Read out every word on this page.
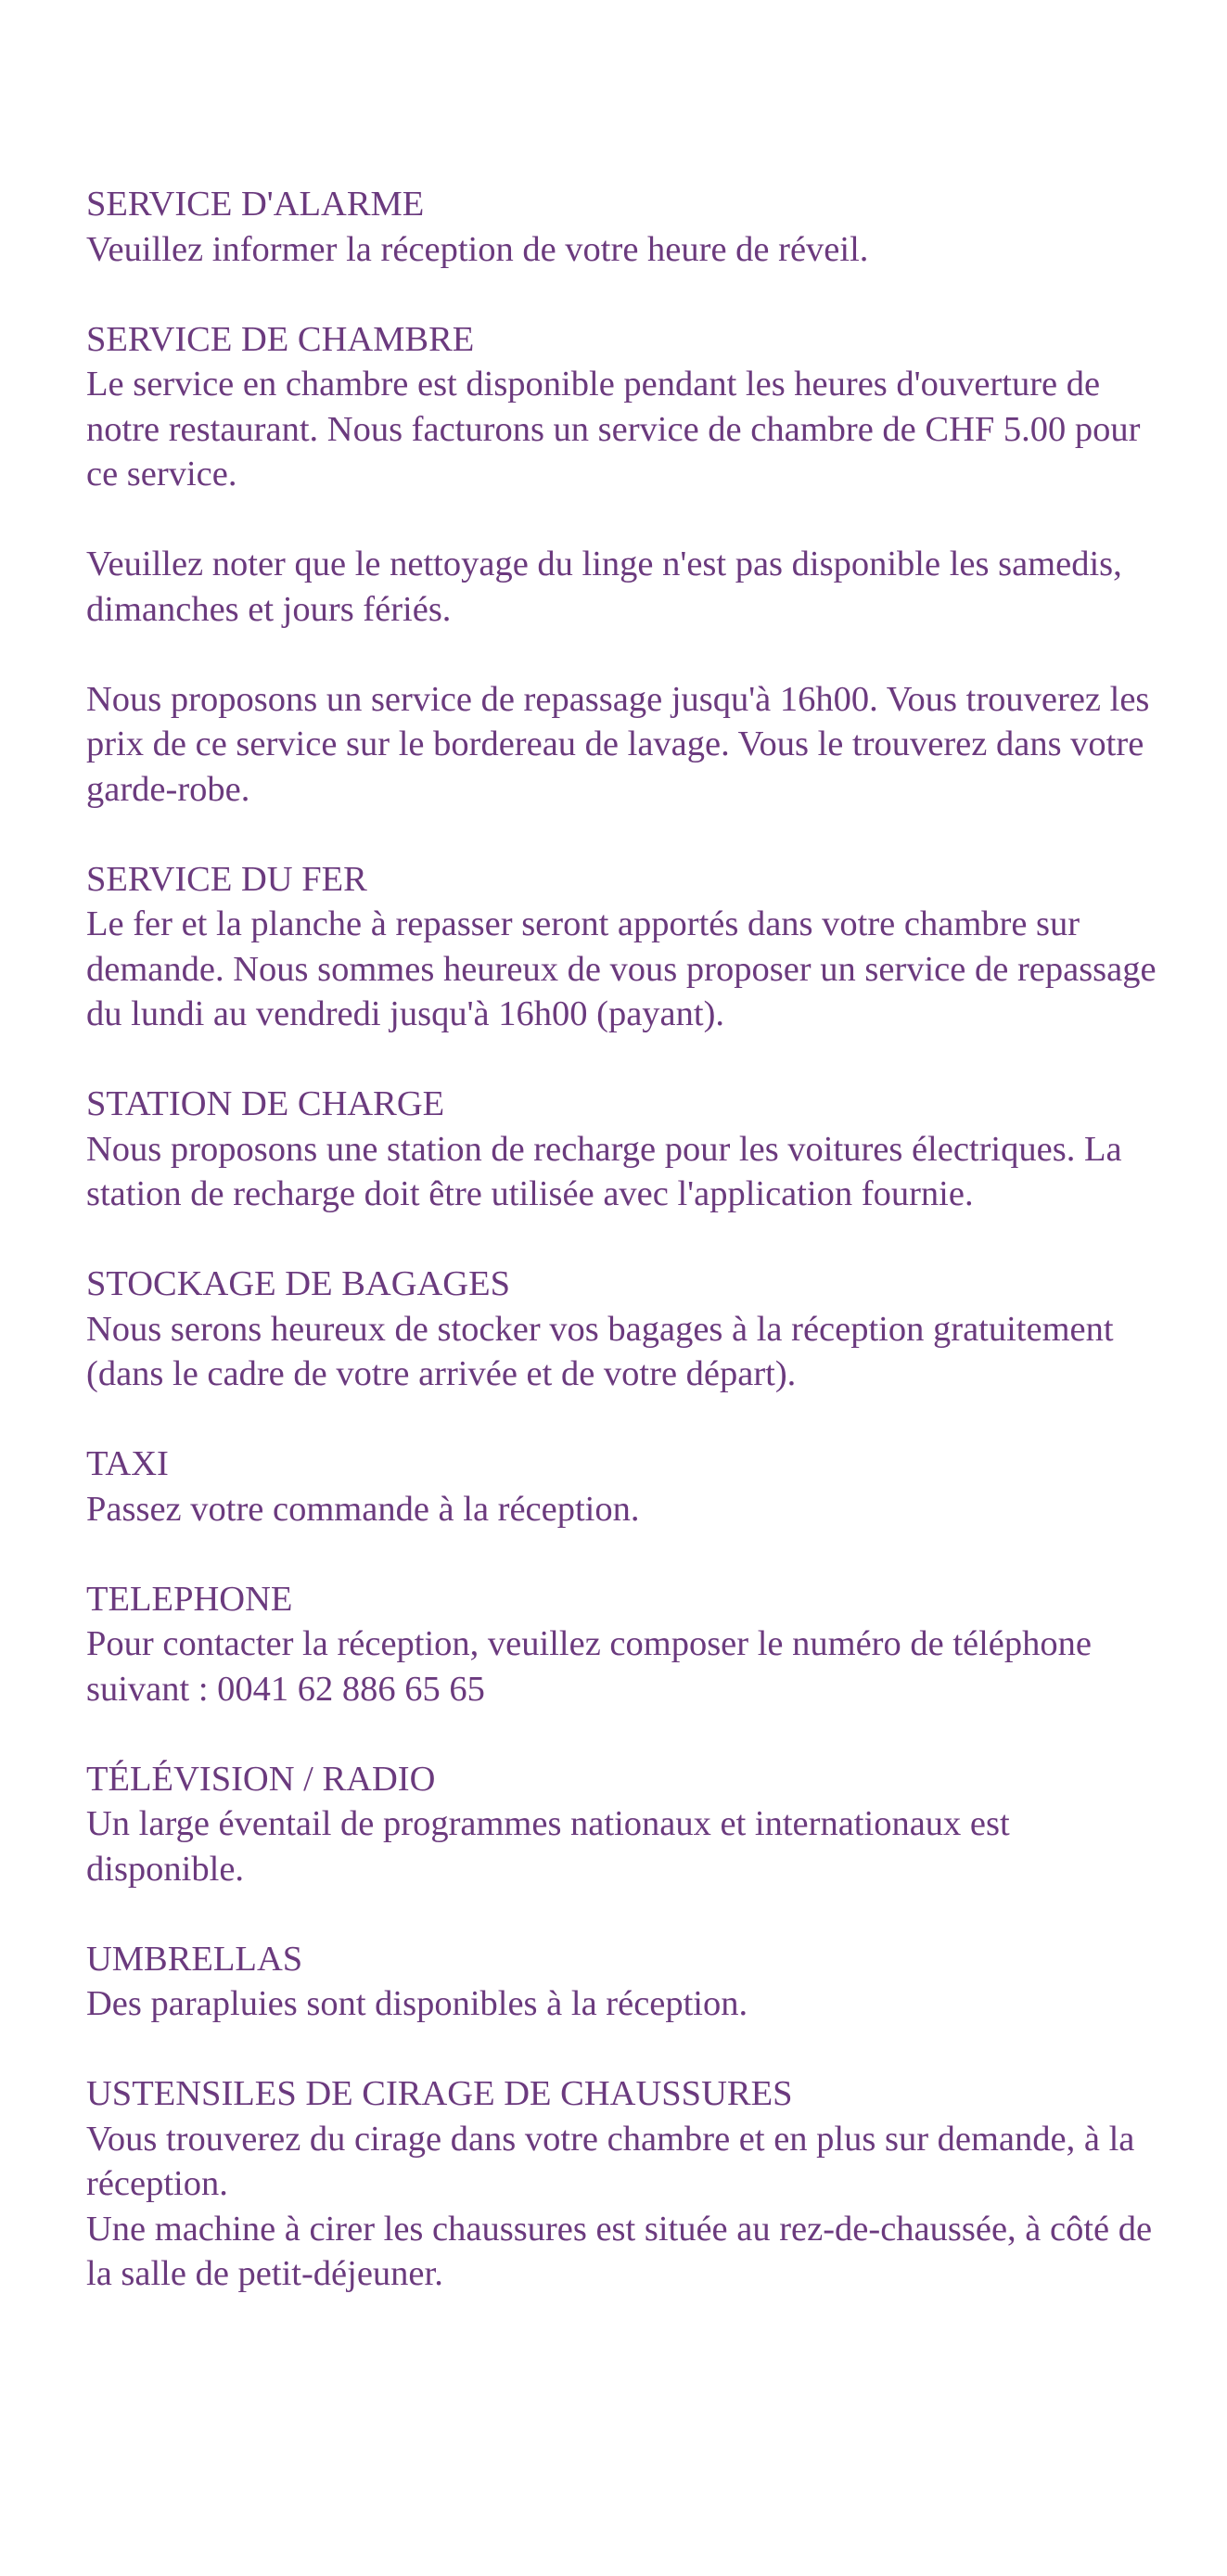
SERVICE D'ALARME

Veuillez informer la réception de votre heure de réveil.

SERVICE DE CHAMBRE

Le service en chambre est disponible pendant les heures d'ouverture de notre restaurant. Nous facturons un service de chambre de CHF 5.00 pour ce service.

Veuillez noter que le nettoyage du linge n'est pas disponible les samedis, dimanches et jours fériés.

Nous proposons un service de repassage jusqu'à 16h00. Vous trouverez les prix de ce service sur le bordereau de lavage. Vous le trouverez dans votre garde-robe.

SERVICE DU FER

Le fer et la planche à repasser seront apportés dans votre chambre sur demande. Nous sommes heureux de vous proposer un service de repassage du lundi au vendredi jusqu'à 16h00 (payant).

STATION DE CHARGE

Nous proposons une station de recharge pour les voitures électriques. La station de recharge doit être utilisée avec l'application fournie.

STOCKAGE DE BAGAGES

Nous serons heureux de stocker vos bagages à la réception gratuitement (dans le cadre de votre arrivée et de votre départ).

TAXI

Passez votre commande à la réception.

TELEPHONE

Pour contacter la réception, veuillez composer le numéro de téléphone suivant : 0041 62 886 65 65

TÉLÉVISION / RADIO

Un large éventail de programmes nationaux et internationaux est disponible.

UMBRELLAS

Des parapluies sont disponibles à la réception.

USTENSILES DE CIRAGE DE CHAUSSURES

Vous trouverez du cirage dans votre chambre et en plus sur demande, à la réception.

Une machine à cirer les chaussures est située au rez-de-chaussée, à côté de la salle de petit-déjeuner.
